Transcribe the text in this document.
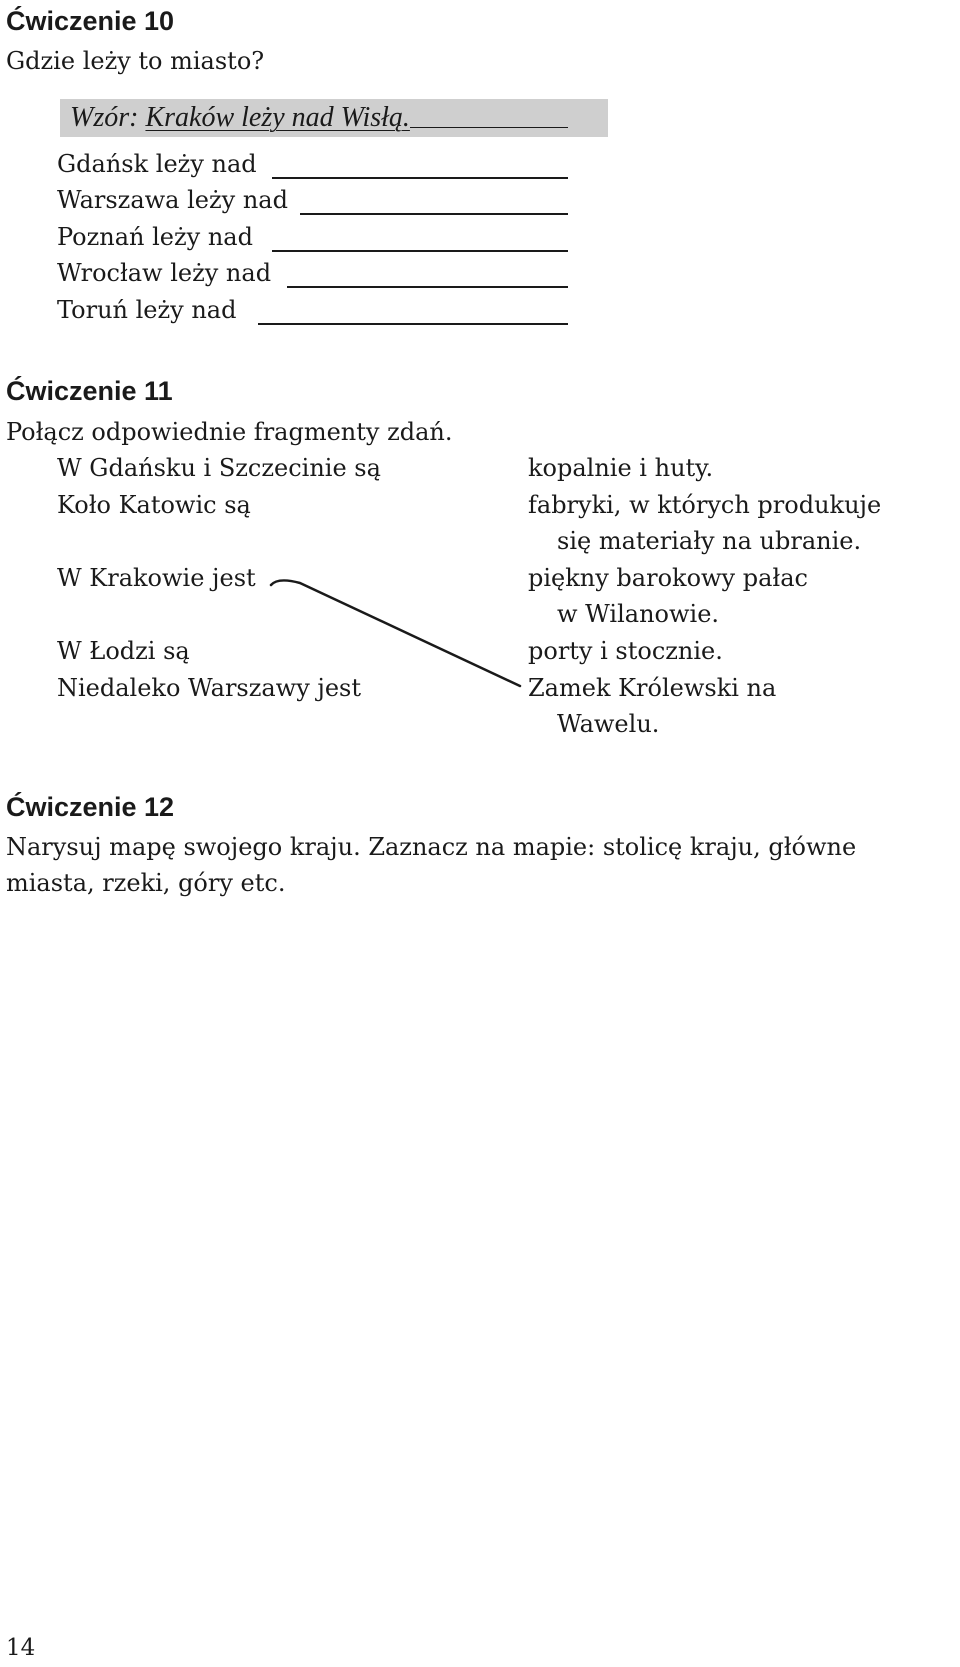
Ćwiczenie 10
Gdzie leży to miasto?
Wzór: Kraków leży nad Wisłą.
Gdańsk leży nad
Warszawa leży nad
Poznań leży nad
Wrocław leży nad
Toruń leży nad
Ćwiczenie 11
Połącz odpowiednie fragmenty zdań.
W Gdańsku i Szczecinie są
Koło Katowic są
W Krakowie jest
W Łodzi są
Niedaleko Warszawy jest
kopalnie i huty.
fabryki, w których produkuje
się materiały na ubranie.
piękny barokowy pałac
w Wilanowie.
porty i stocznie.
Zamek Królewski na
Wawelu.
Ćwiczenie 12
Narysuj mapę swojego kraju. Zaznacz na mapie: stolicę kraju, główne
miasta, rzeki, góry etc.
14
